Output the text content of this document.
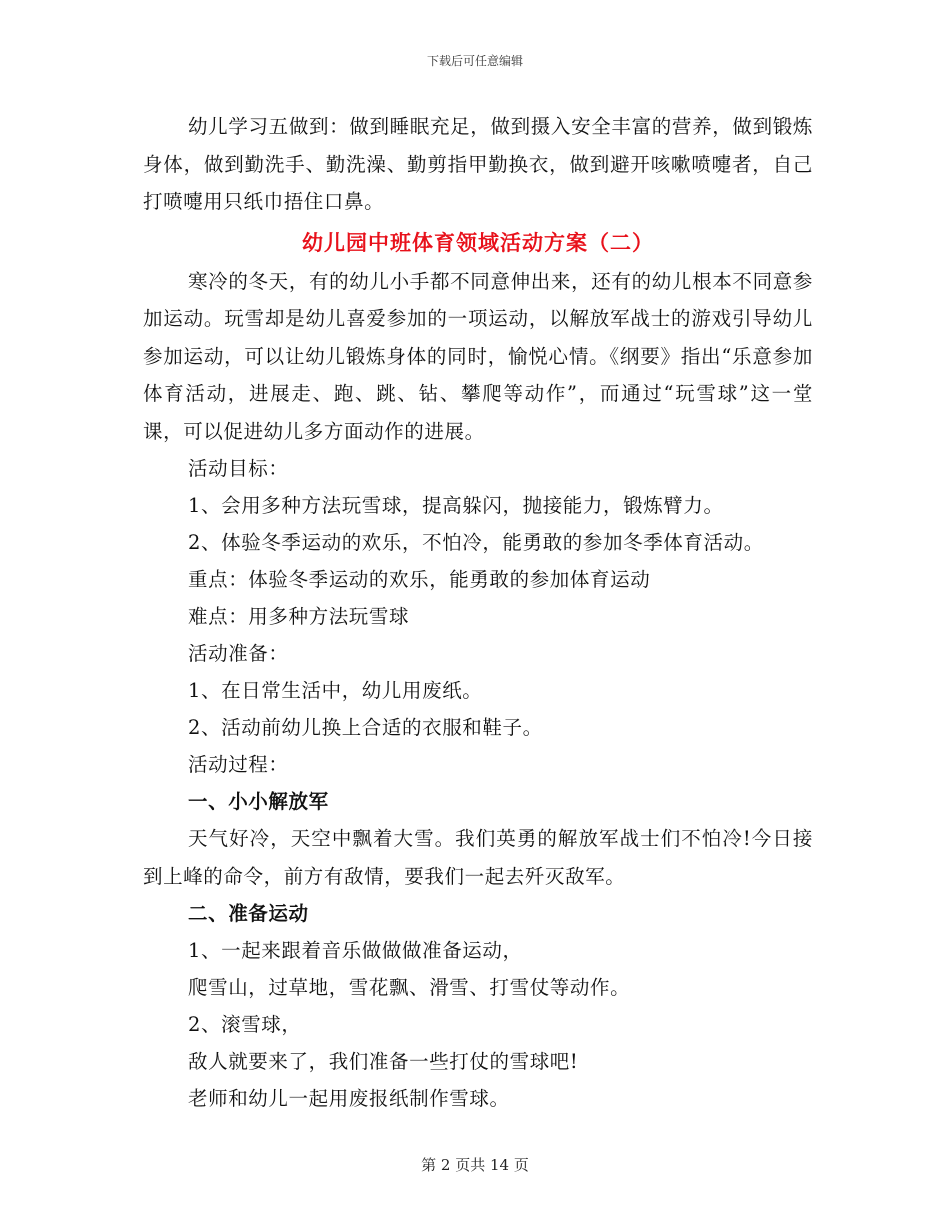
下载后可任意编辑

幼儿学习五做到：做到睡眠充足，做到摄入安全丰富的营养，做到锻炼身体，做到勤洗手、勤洗澡、勤剪指甲勤换衣，做到避开咳嗽喷嚏者，自己打喷嚏用只纸巾捂住口鼻。

幼儿园中班体育领域活动方案（二）

寒冷的冬天，有的幼儿小手都不同意伸出来，还有的幼儿根本不同意参加运动。玩雪却是幼儿喜爱参加的一项运动，以解放军战士的游戏引导幼儿参加运动，可以让幼儿锻炼身体的同时，愉悦心情。《纲要》指出“乐意参加体育活动，进展走、跑、跳、钻、攀爬等动作”，而通过“玩雪球”这一堂课，可以促进幼儿多方面动作的进展。

活动目标：

1、会用多种方法玩雪球，提高躲闪，抛接能力，锻炼臂力。

2、体验冬季运动的欢乐，不怕冷，能勇敢的参加冬季体育活动。

重点：体验冬季运动的欢乐，能勇敢的参加体育运动

难点：用多种方法玩雪球

活动准备：

1、在日常生活中，幼儿用废纸。

2、活动前幼儿换上合适的衣服和鞋子。

活动过程：

一、小小解放军

天气好冷，天空中飘着大雪。我们英勇的解放军战士们不怕冷!今日接到上峰的命令，前方有敌情，要我们一起去歼灭敌军。

二、准备运动

1、一起来跟着音乐做做做准备运动，

爬雪山，过草地，雪花飘、滑雪、打雪仗等动作。

2、滚雪球，

敌人就要来了，我们准备一些打仗的雪球吧!

老师和幼儿一起用废报纸制作雪球。

第 2 页共 14 页
